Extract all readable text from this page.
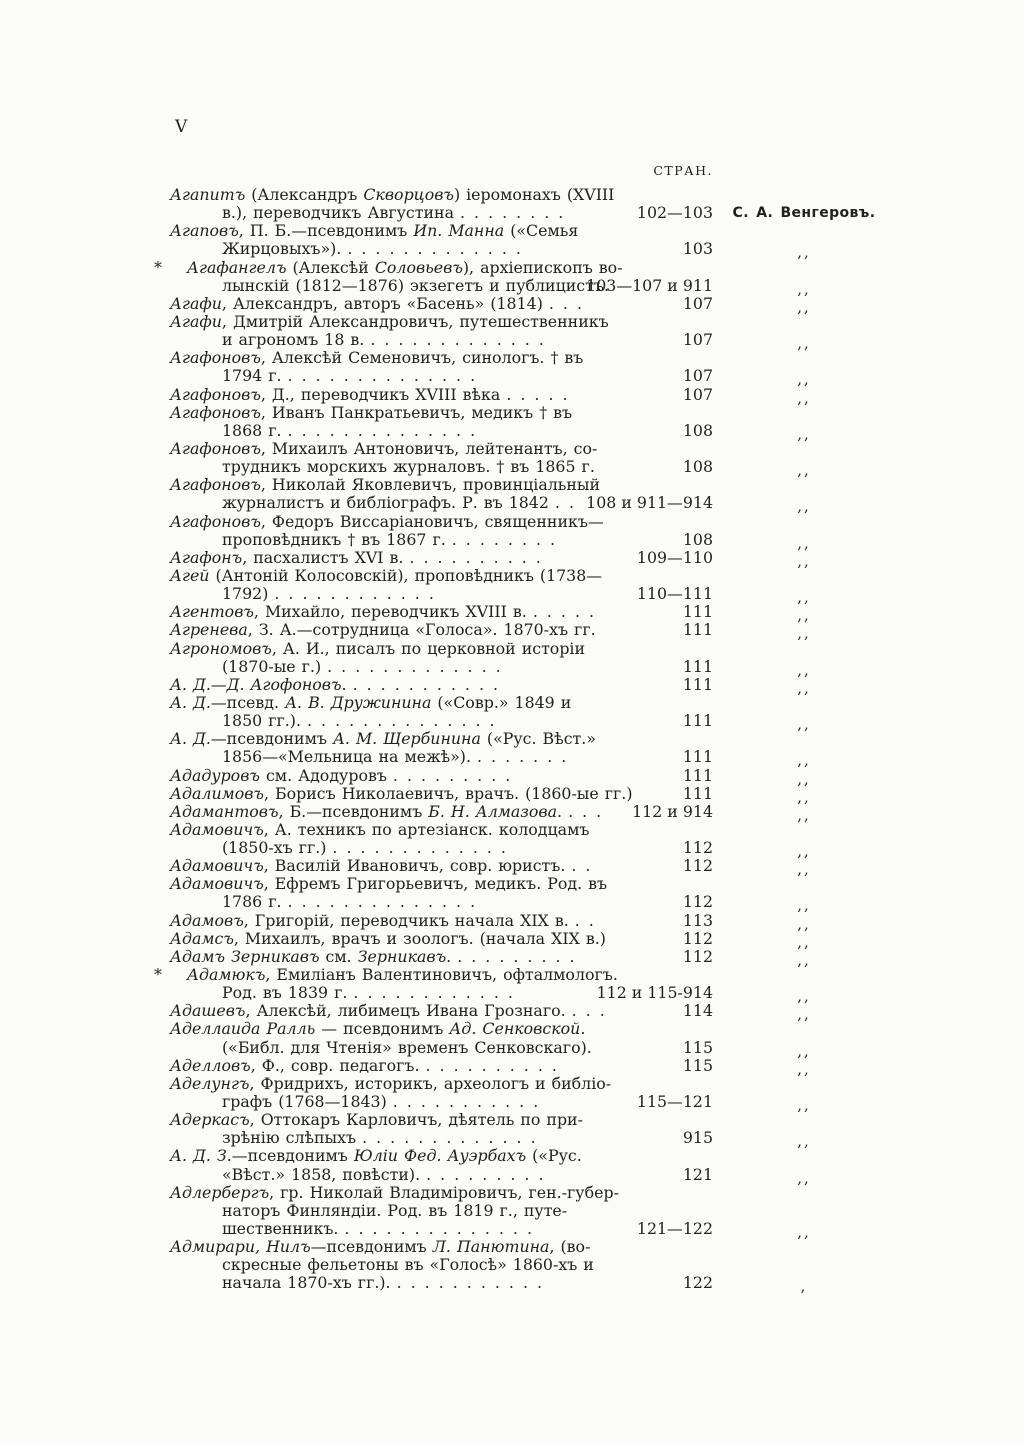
V
СТРАН.
Агапитъ (Александръ Скворцовъ) іеромонахъ (XVIII
в.), переводчикъ Августина . . . . . . . .	102—103	С. А. Венгеровъ.
Агаповъ, П. Б.—псевдонимъ Ип. Манна («Семья
Жирцовыхъ»). . . . . . . . . . . . . .	103	,,
* Агафангелъ (Алексѣй Соловьевъ), архіепископъ во-
лынскій (1812—1876) экзегетъ и публицистъ.
103—107 и 911	,,
Агафи, Александръ, авторъ «Басень» (1814) . . .	107	,,
Агафи, Дмитрій Александровичъ, путешественникъ
и агрономъ 18 в. . . . . . . . . . . . . .	107	,,
Агафоновъ, Алексѣй Семеновичъ, синологъ. † въ
1794 г. . . . . . . . . . . . . . .	107	,,
Агафоновъ, Д., переводчикъ XVIII вѣка . . . . .	107	,,
Агафоновъ, Иванъ Панкратьевичъ, медикъ † въ
1868 г. . . . . . . . . . . . . . .	108	,,
Агафоновъ, Михаилъ Антоновичъ, лейтенантъ, со-
трудникъ морскихъ журналовъ. † въ 1865 г.	108	,,
Агафоновъ, Николай Яковлевичъ, провинціальный
журналистъ и библіографъ. Р. въ 1842 . . 108 и 911—914	,,
Агафоновъ, Федоръ Виссаріановичъ, священникъ—
проповѣдникъ † въ 1867 г. . . . . . . . .	108	,,
Агафонъ, пасхалистъ XVI в. . . . . . . . . . .	109—110	,,
Агей (Антоній Колосовскій), проповѣдникъ (1738—
1792) . . . . . . . . . . . .	110—111	,,
Агентовъ, Михайло, переводчикъ XVIII в. . . . . .	111	,,
Агренева, З. А.—сотрудница «Голоса». 1870-хъ гг.	111	,,
Агрономовъ, А. И., писалъ по церковной исторіи
(1870-ые г.) . . . . . . . . . . . . .	111	,,
А. Д.—Д. Агофоновъ. . . . . . . . . . . .	111	,,
А. Д.—псевд. А. В. Дружинина («Совр.» 1849 и
1850 гг.). . . . . . . . . . . . . . .	111	,,
А. Д.—псевдонимъ А. М. Щербинина («Рус. Вѣст.»
1856—«Мельница на межѣ»). . . . . . . .	111	,,
Ададуровъ см. Адодуровъ . . . . . . . . .	111	,,
Адалимовъ, Борисъ Николаевичъ, врачъ. (1860-ые гг.)	111	,,
Адамантовъ, Б.—псевдонимъ Б. Н. Алмазова. . . .	112 и 914	,,
Адамовичъ, А. техникъ по артезіанск. колодцамъ
(1850-хъ гг.) . . . . . . . . . . . . .	112	,,
Адамовичъ, Василій Ивановичъ, совр. юристъ. . .	112	,,
Адамовичъ, Ефремъ Григорьевичъ, медикъ. Род. въ
1786 г. . . . . . . . . . . . . . .	112	,,
Адамовъ, Григорій, переводчикъ начала XIX в. . .	113	,,
Адамсъ, Михаилъ, врачъ и зоологъ. (начала XIX в.)	112	,,
Адамъ Зерникавъ см. Зерникавъ. . . . . . . . . .	112	,,
* Адамюкъ, Емиліанъ Валентиновичъ, офталмологъ.
Род. въ 1839 г. . . . . . . . . . . . .	112 и 115-914	,,
Адашевъ, Алексѣй, либимецъ Ивана Грознаго. . . .	114	,,
Аделлаида Ралль — псевдонимъ Ад. Сенковской.
(«Библ. для Чтенія» временъ Сенковскаго).	115	,,
Аделловъ, Ф., совр. педагогъ. . . . . . . . . . .	115	,,
Аделунгъ, Фридрихъ, историкъ, археологъ и библіо-
графъ (1768—1843) . . . . . . . . . . .	115—121	,,
Адеркасъ, Оттокаръ Карловичъ, дѣятель по при-
зрѣнію слѣпыхъ . . . . . . . . . . . . .	915	,,
А. Д. З.—псевдонимъ Юліи Фед. Ауэрбахъ («Рус.
«Вѣст.» 1858, повѣсти). . . . . . . . . .	121	,,
Адлербергъ, гр. Николай Владиміровичъ, ген.-губер-
наторъ Финляндіи. Род. въ 1819 г., путе-
шественникъ. . . . . . . . . . . . . . .	121—122	,,
Адмирари, Нилъ—псевдонимъ Л. Панютина, (во-
скресные фельетоны въ «Голосѣ» 1860-хъ и
начала 1870-хъ гг.). . . . . . . . . . . .	122	,
